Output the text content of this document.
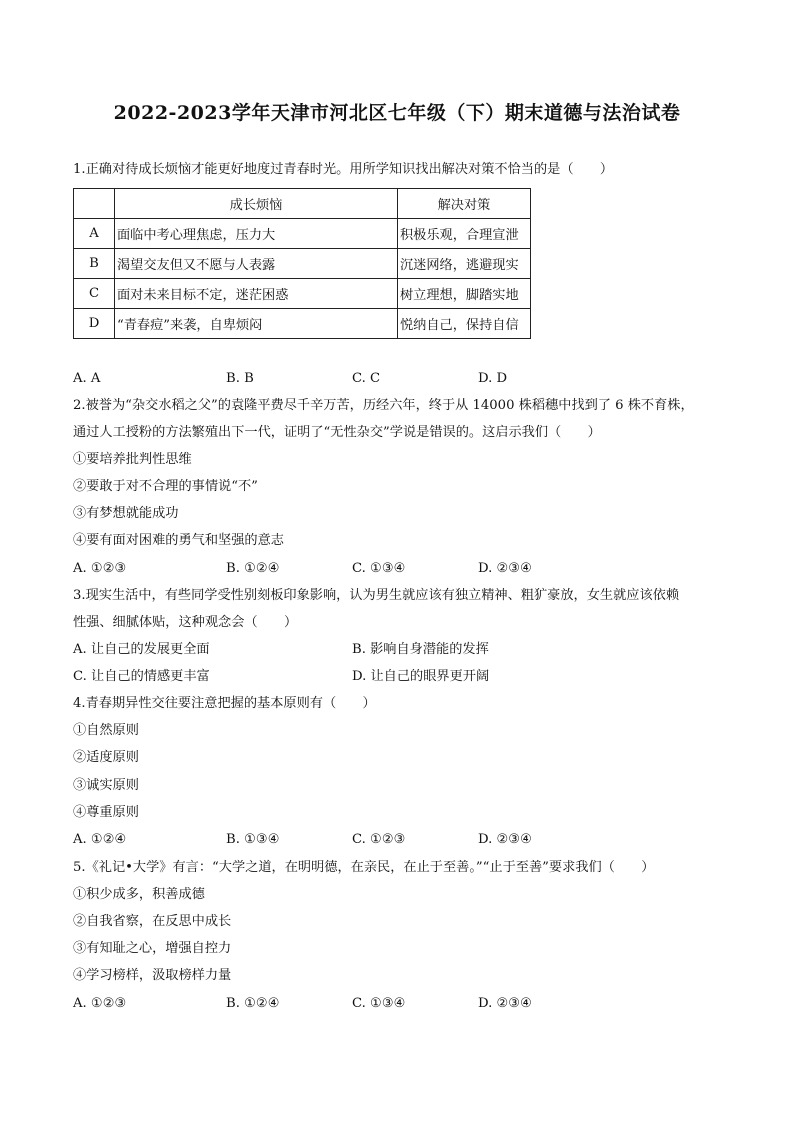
2022-2023学年天津市河北区七年级（下）期末道德与法治试卷
1.正确对待成长烦恼才能更好地度过青春时光。用所学知识找出解决对策不恰当的是（　　）
	成长烦恼	解决对策
A	面临中考心理焦虑，压力大	积极乐观，合理宣泄
B	渴望交友但又不愿与人表露	沉迷网络，逃避现实
C	面对未来目标不定，迷茫困惑	树立理想，脚踏实地
D	“青春痘”来袭，自卑烦闷	悦纳自己，保持自信
A. A	B. B	C. C	D. D
2.被誉为“杂交水稻之父”的袁隆平费尽千辛万苦，历经六年，终于从 14000 株稻穗中找到了 6 株不育株，
通过人工授粉的方法繁殖出下一代，证明了“无性杂交”学说是错误的。这启示我们（　　）
①要培养批判性思维
②要敢于对不合理的事情说“不”
③有梦想就能成功
④要有面对困难的勇气和坚强的意志
A. ①②③	B. ①②④	C. ①③④	D. ②③④
3.现实生活中，有些同学受性别刻板印象影响，认为男生就应该有独立精神、粗犷豪放，女生就应该依赖
性强、细腻体贴，这种观念会（　　）
A. 让自己的发展更全面	B. 影响自身潜能的发挥
C. 让自己的情感更丰富	D. 让自己的眼界更开阔
4.青春期异性交往要注意把握的基本原则有（　　）
①自然原则
②适度原则
③诚实原则
④尊重原则
A. ①②④	B. ①③④	C. ①②③	D. ②③④
5.《礼记•大学》有言：“大学之道，在明明德，在亲民，在止于至善。”“止于至善”要求我们（　　）
①积少成多，积善成德
②自我省察，在反思中成长
③有知耻之心，增强自控力
④学习榜样，汲取榜样力量
A. ①②③	B. ①②④	C. ①③④	D. ②③④
